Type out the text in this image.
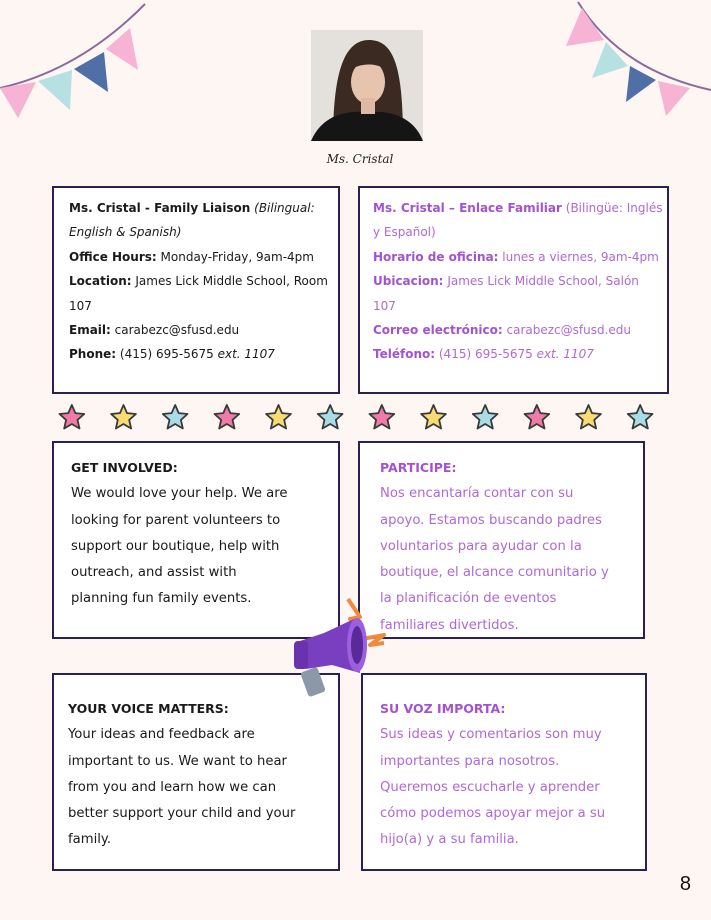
Ms. Cristal
Ms. Cristal - Family Liaison (Bilingual: English & Spanish)
Office Hours: Monday-Friday, 9am-4pm
Location: James Lick Middle School, Room 107
Email: carabezc@sfusd.edu
Phone: (415) 695-5675 ext. 1107
Ms. Cristal – Enlace Familiar (Bilingüe: Inglés y Español)
Horario de oficina: lunes a viernes, 9am-4pm
Ubicacion: James Lick Middle School, Salón 107
Correo electrónico: carabezc@sfusd.edu
Teléfono: (415) 695-5675 ext. 1107
GET INVOLVED:
We would love your help. We are
looking for parent volunteers to
support our boutique, help with
outreach, and assist with
planning fun family events.
PARTICIPE:
Nos encantaría contar con su
apoyo. Estamos buscando padres
voluntarios para ayudar con la
boutique, el alcance comunitario y
la planificación de eventos
familiares divertidos.
YOUR VOICE MATTERS:
Your ideas and feedback are
important to us. We want to hear
from you and learn how we can
better support your child and your
family.
SU VOZ IMPORTA:
Sus ideas y comentarios son muy
importantes para nosotros.
Queremos escucharle y aprender
cómo podemos apoyar mejor a su
hijo(a) y a su familia.
8
